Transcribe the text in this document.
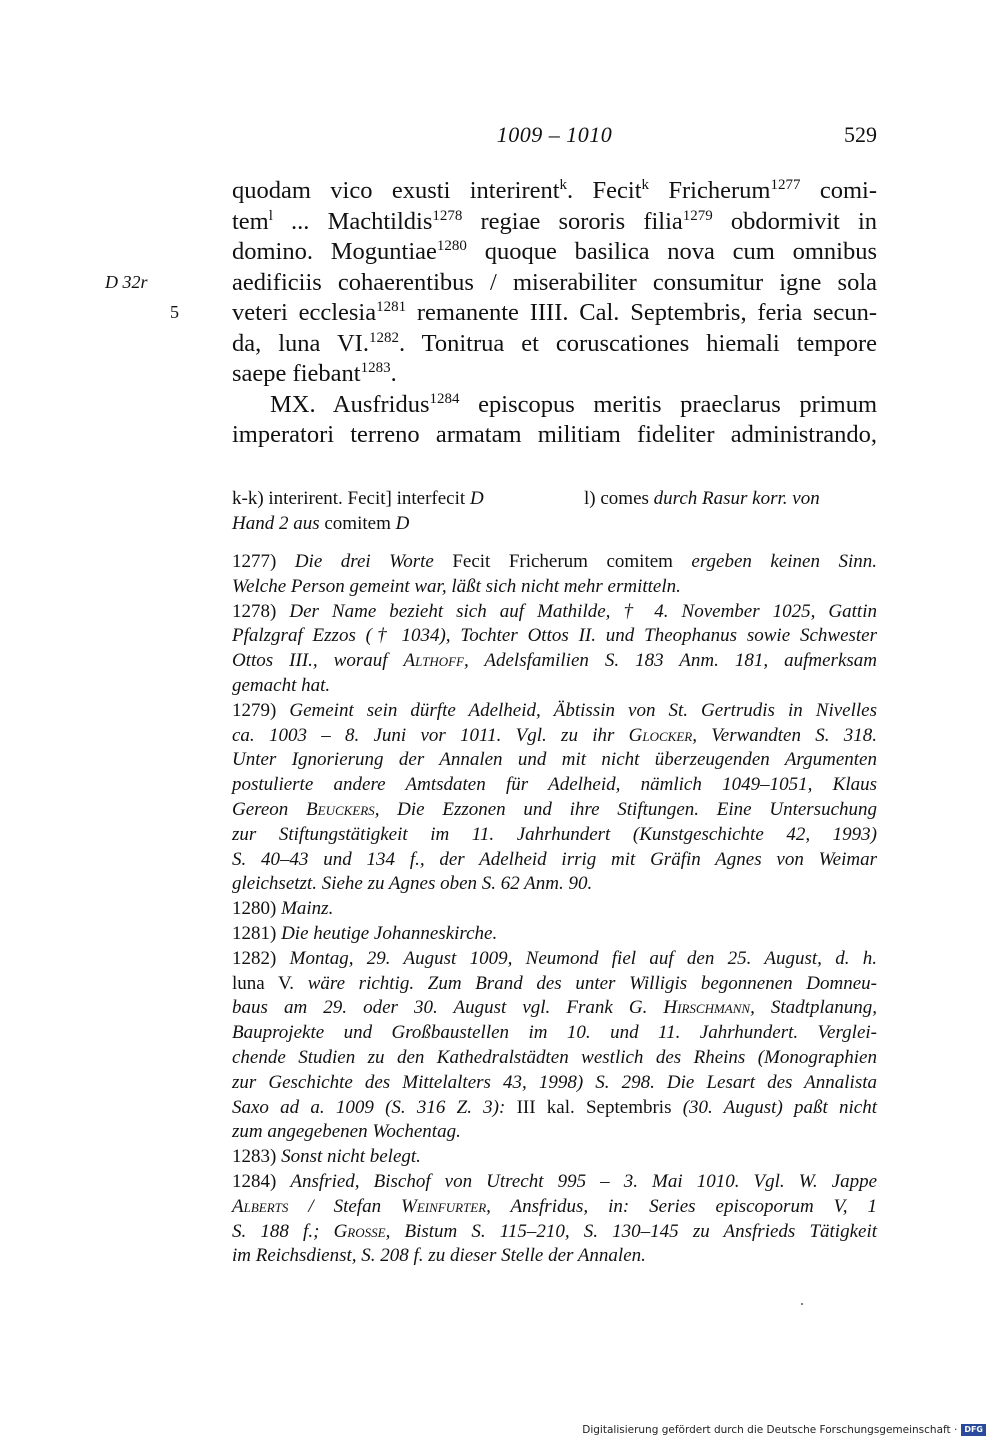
1009 – 1010	529
D 32r
5
quodam vico exusti interirent$^k$. Fecit$^k$ Fricherum$^{1277}$ comi-
tem$^l$ ... Machtildis$^{1278}$ regiae sororis filia$^{1279}$ obdormivit in
domino. Moguntiae$^{1280}$ quoque basilica nova cum omnibus
aedificiis cohaerentibus / miserabiliter consumitur igne sola
veteri ecclesia$^{1281}$ remanente IIII. Cal. Septembris, feria secun-
da, luna VI.$^{1282}$. Tonitrua et coruscationes hiemali tempore
saepe fiebant$^{1283}$.
MX. Ausfridus$^{1284}$ episcopus meritis praeclarus primum
imperatori terreno armatam militiam fideliter administrando,
k-k) interirent. Fecit] interfecit D	l) comes durch Rasur korr. von
Hand 2 aus comitem D
1277) Die drei Worte Fecit Fricherum comitem ergeben keinen Sinn.
Welche Person gemeint war, läßt sich nicht mehr ermitteln.
1278) Der Name bezieht sich auf Mathilde, † 4. November 1025, Gattin
Pfalzgraf Ezzos († 1034), Tochter Ottos II. und Theophanus sowie Schwester
Ottos III., worauf Althoff, Adelsfamilien S. 183 Anm. 181, aufmerksam
gemacht hat.
1279) Gemeint sein dürfte Adelheid, Äbtissin von St. Gertrudis in Nivelles
ca. 1003 – 8. Juni vor 1011. Vgl. zu ihr Glocker, Verwandten S. 318.
Unter Ignorierung der Annalen und mit nicht überzeugenden Argumenten
postulierte andere Amtsdaten für Adelheid, nämlich 1049–1051, Klaus
Gereon Beuckers, Die Ezzonen und ihre Stiftungen. Eine Untersuchung
zur Stiftungstätigkeit im 11. Jahrhundert (Kunstgeschichte 42, 1993)
S. 40–43 und 134 f., der Adelheid irrig mit Gräfin Agnes von Weimar
gleichsetzt. Siehe zu Agnes oben S. 62 Anm. 90.
1280) Mainz.
1281) Die heutige Johanneskirche.
1282) Montag, 29. August 1009, Neumond fiel auf den 25. August, d. h.
luna V. wäre richtig. Zum Brand des unter Willigis begonnenen Domneu-
baus am 29. oder 30. August vgl. Frank G. Hirschmann, Stadtplanung,
Bauprojekte und Großbaustellen im 10. und 11. Jahrhundert. Verglei-
chende Studien zu den Kathedralstädten westlich des Rheins (Monographien
zur Geschichte des Mittelalters 43, 1998) S. 298. Die Lesart des Annalista
Saxo ad a. 1009 (S. 316 Z. 3): III kal. Septembris (30. August) paßt nicht
zum angegebenen Wochentag.
1283) Sonst nicht belegt.
1284) Ansfried, Bischof von Utrecht 995 – 3. Mai 1010. Vgl. W. Jappe
Alberts / Stefan Weinfurter, Ansfridus, in: Series episcoporum V, 1
S. 188 f.; Grosse, Bistum S. 115–210, S. 130–145 zu Ansfrieds Tätigkeit
im Reichsdienst, S. 208 f. zu dieser Stelle der Annalen.
Digitalisierung gefördert durch die Deutsche Forschungsgemeinschaft · DFG
